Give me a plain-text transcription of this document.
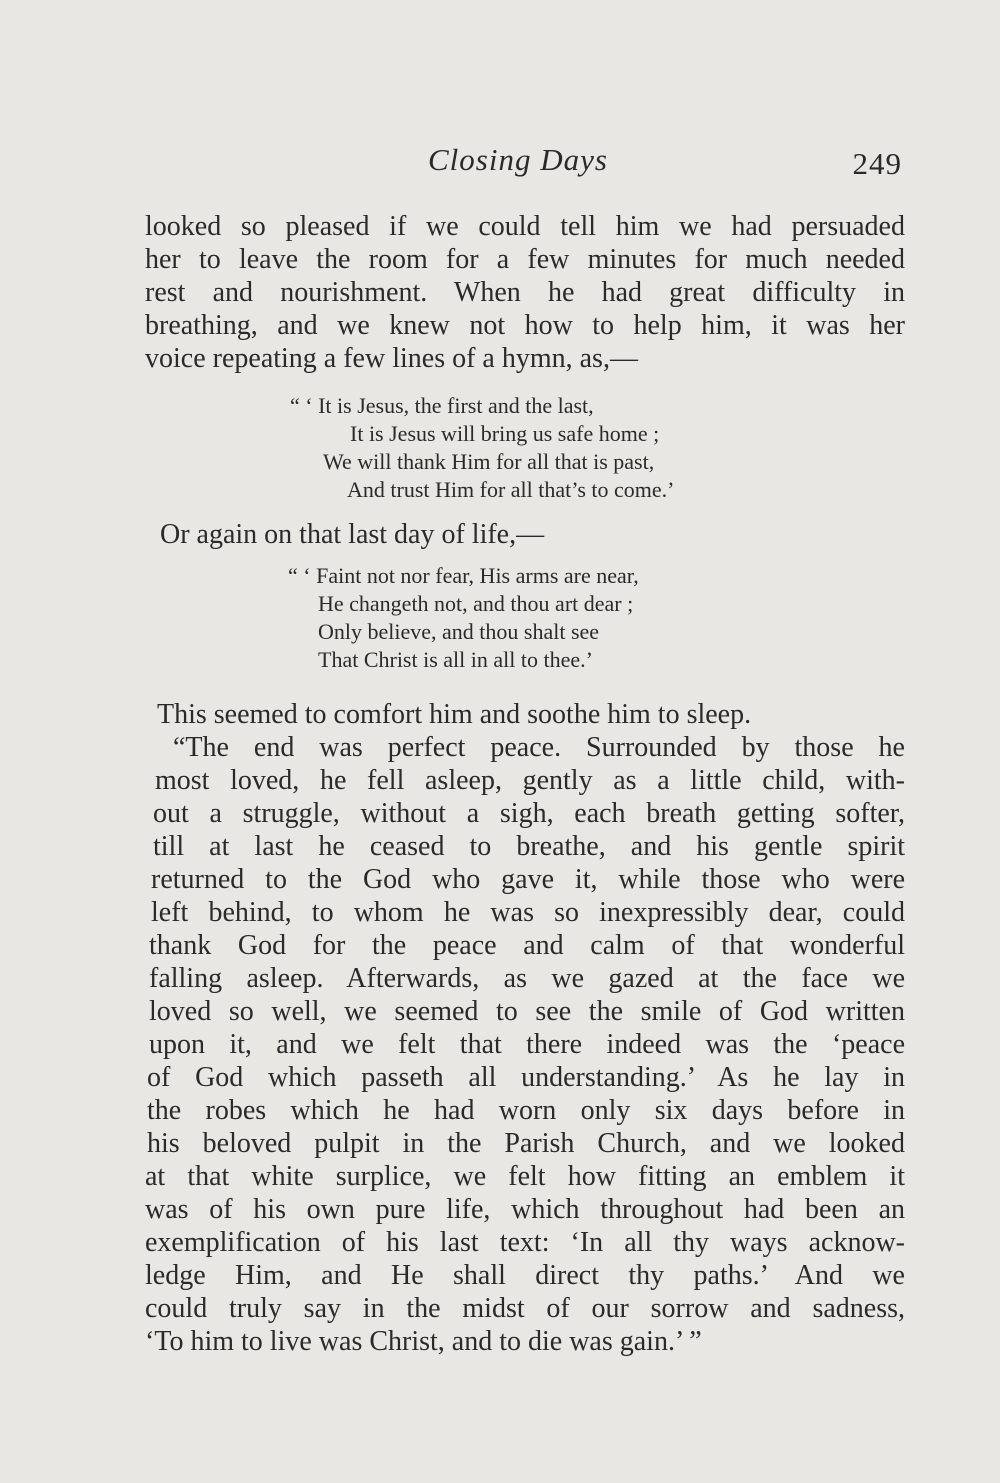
Closing Days	249
looked so pleased if we could tell him we had persuaded
her to leave the room for a few minutes for much needed
rest and nourishment. When he had great difficulty in
breathing, and we knew not how to help him, it was her
voice repeating a few lines of a hymn, as,—
“ ‘ It is Jesus, the first and the last,
It is Jesus will bring us safe home ;
We will thank Him for all that is past,
And trust Him for all that’s to come.’
Or again on that last day of life,—
“ ‘ Faint not nor fear, His arms are near,
He changeth not, and thou art dear ;
Only believe, and thou shalt see
That Christ is all in all to thee.’
This seemed to comfort him and soothe him to sleep.
“The end was perfect peace. Surrounded by those he
most loved, he fell asleep, gently as a little child, with-
out a struggle, without a sigh, each breath getting softer,
till at last he ceased to breathe, and his gentle spirit
returned to the God who gave it, while those who were
left behind, to whom he was so inexpressibly dear, could
thank God for the peace and calm of that wonderful
falling asleep. Afterwards, as we gazed at the face we
loved so well, we seemed to see the smile of God written
upon it, and we felt that there indeed was the ‘peace
of God which passeth all understanding.’ As he lay in
the robes which he had worn only six days before in
his beloved pulpit in the Parish Church, and we looked
at that white surplice, we felt how fitting an emblem it
was of his own pure life, which throughout had been an
exemplification of his last text: ‘In all thy ways acknow-
ledge Him, and He shall direct thy paths.’ And we
could truly say in the midst of our sorrow and sadness,
‘To him to live was Christ, and to die was gain.’ ”
